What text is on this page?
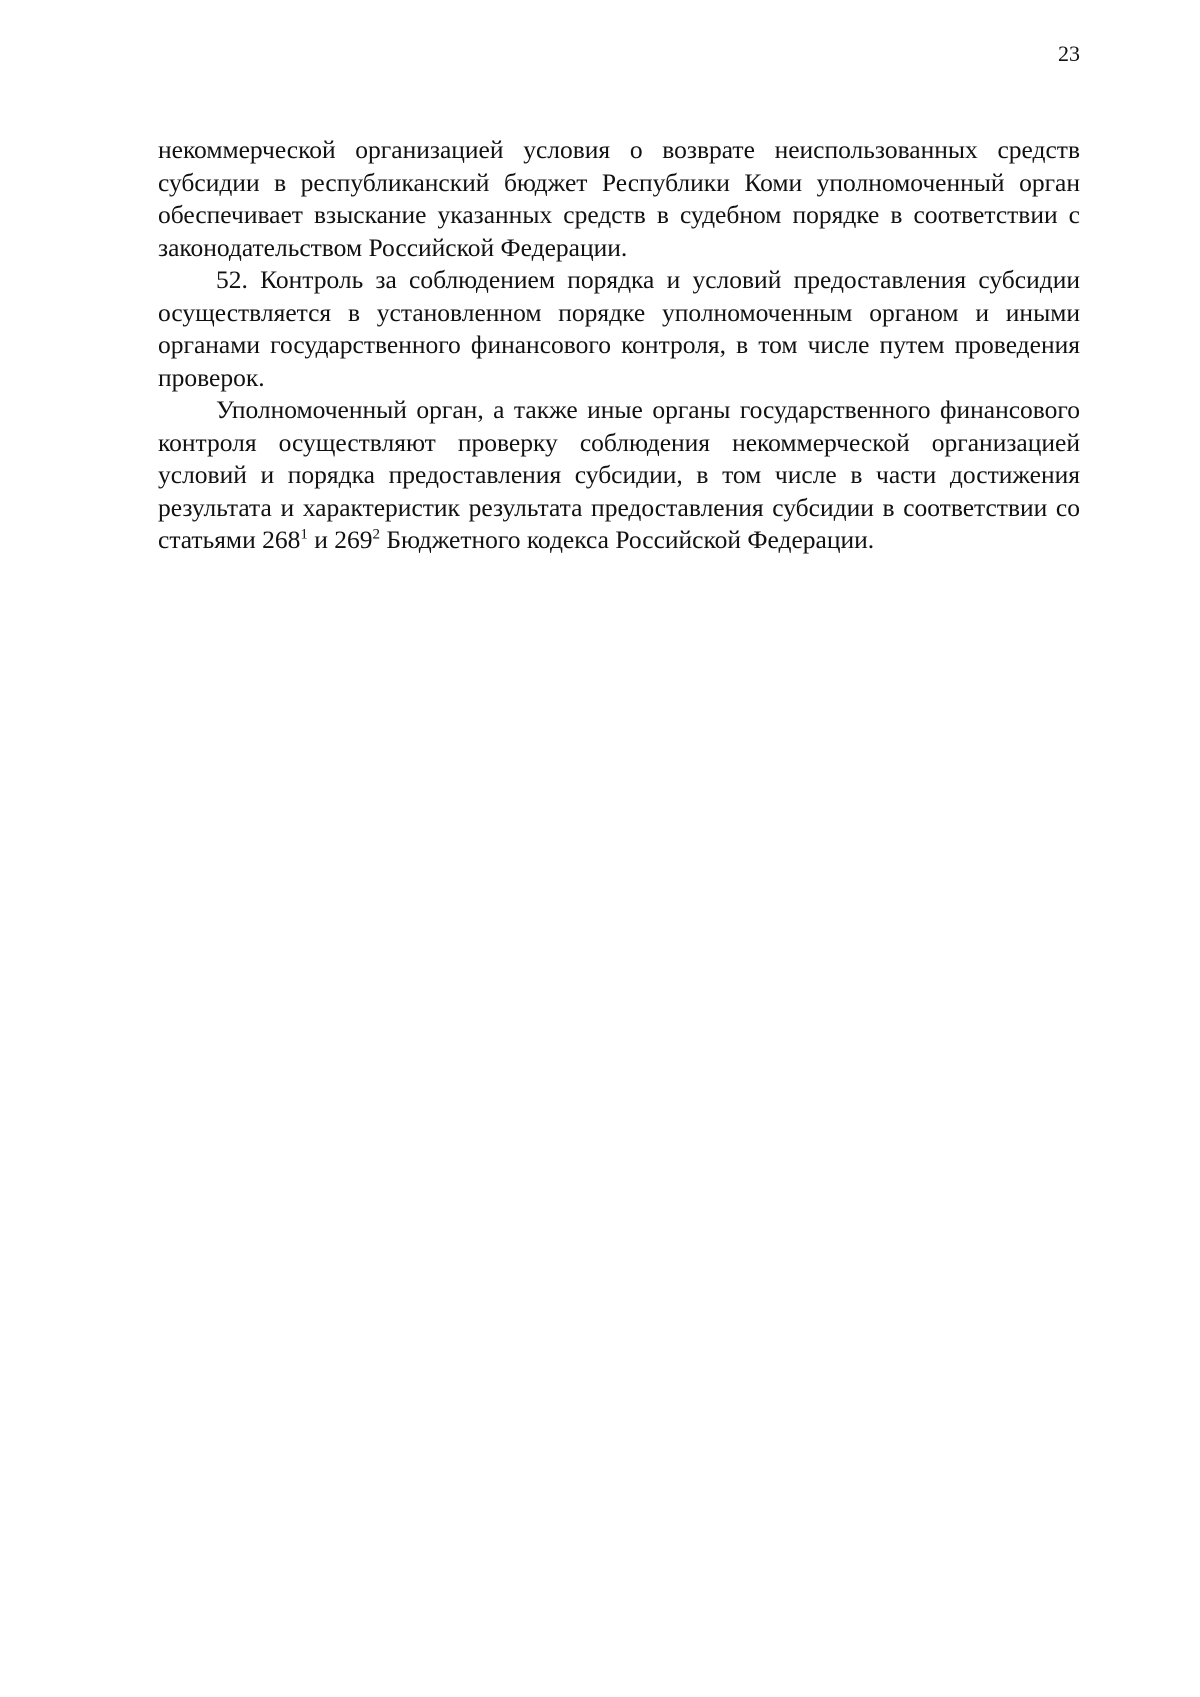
23

некоммерческой организацией условия о возврате неиспользованных средств субсидии в республиканский бюджет Республики Коми уполномоченный орган обеспечивает взыскание указанных средств в судебном порядке в соответствии с законодательством Российской Федерации.

52. Контроль за соблюдением порядка и условий предоставления субсидии осуществляется в установленном порядке уполномоченным органом и иными органами государственного финансового контроля, в том числе путем проведения проверок.

Уполномоченный орган, а также иные органы государственного финансового контроля осуществляют проверку соблюдения некоммерческой организацией условий и порядка предоставления субсидии, в том числе в части достижения результата и характеристик результата предоставления субсидии в соответствии со статьями $268^1$ и $269^2$ Бюджетного кодекса Российской Федерации.
